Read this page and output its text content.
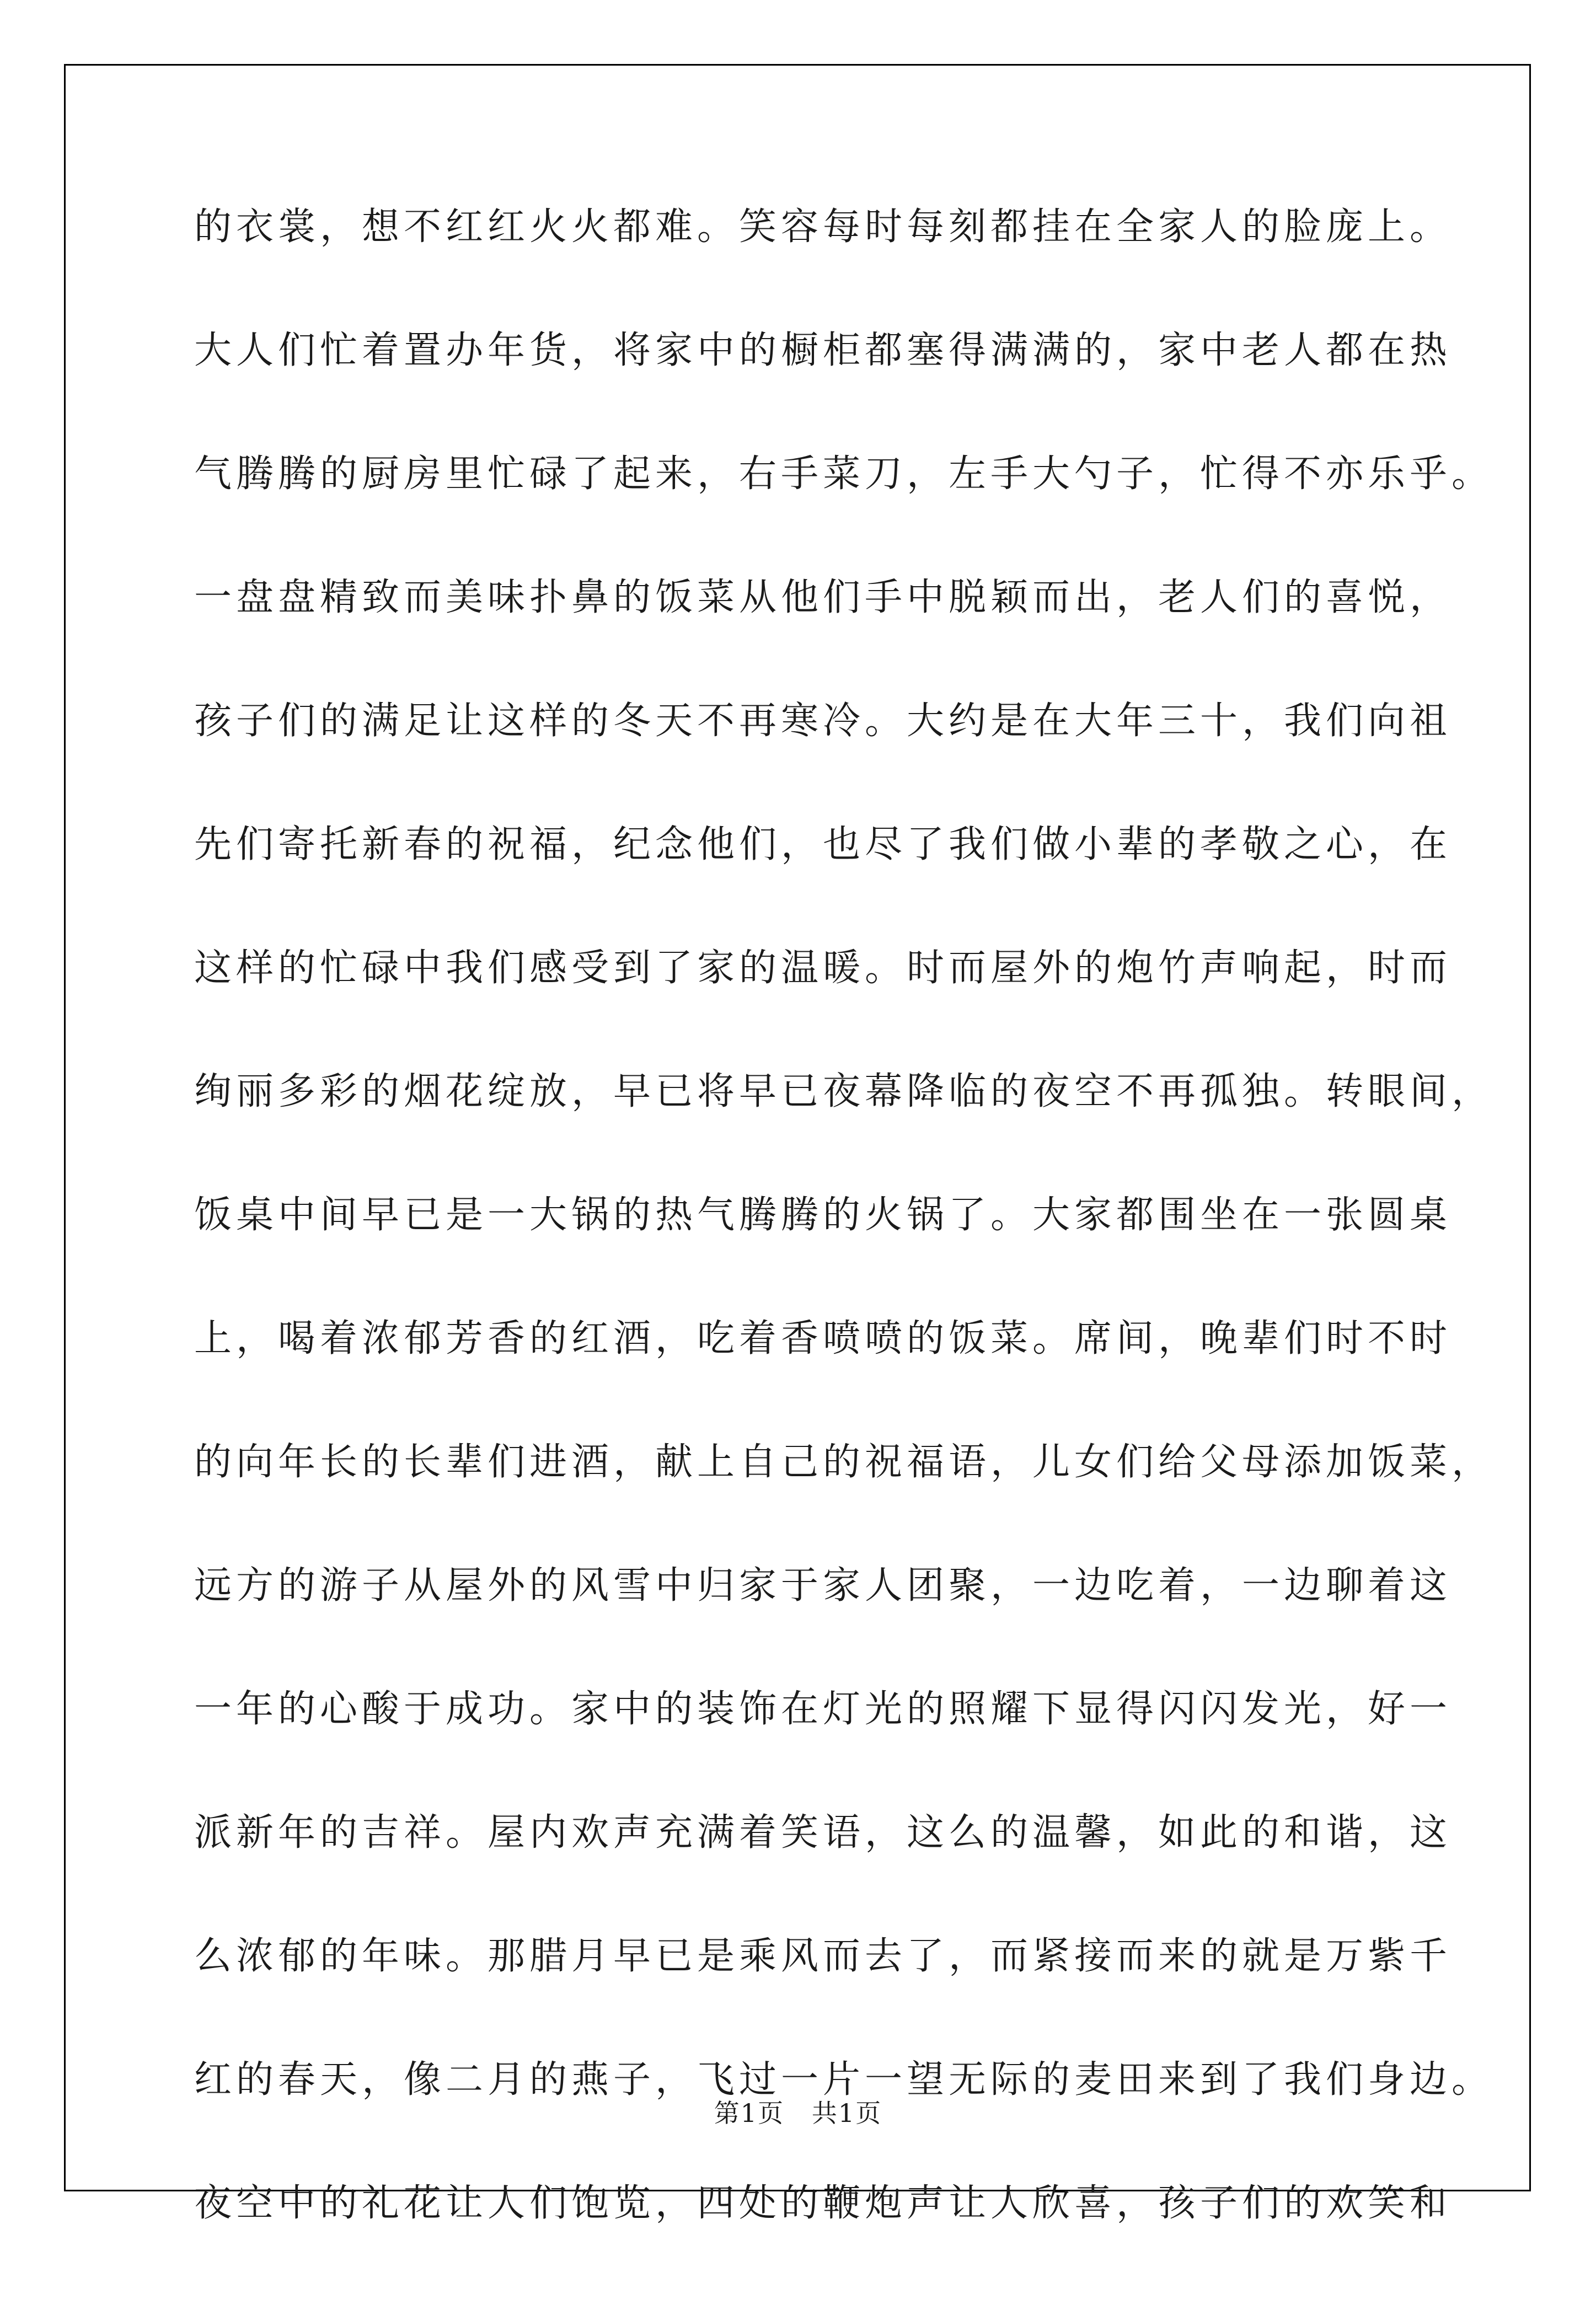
的衣裳，想不红红火火都难。笑容每时每刻都挂在全家人的脸庞上。
大人们忙着置办年货，将家中的橱柜都塞得满满的，家中老人都在热
气腾腾的厨房里忙碌了起来，右手菜刀，左手大勺子，忙得不亦乐乎。
一盘盘精致而美味扑鼻的饭菜从他们手中脱颖而出，老人们的喜悦，
孩子们的满足让这样的冬天不再寒冷。大约是在大年三十，我们向祖
先们寄托新春的祝福，纪念他们，也尽了我们做小辈的孝敬之心，在
这样的忙碌中我们感受到了家的温暖。时而屋外的炮竹声响起，时而
绚丽多彩的烟花绽放，早已将早已夜幕降临的夜空不再孤独。转眼间，
饭桌中间早已是一大锅的热气腾腾的火锅了。大家都围坐在一张圆桌
上，喝着浓郁芳香的红酒，吃着香喷喷的饭菜。席间，晚辈们时不时
的向年长的长辈们进酒，献上自己的祝福语，儿女们给父母添加饭菜，
远方的游子从屋外的风雪中归家于家人团聚，一边吃着，一边聊着这
一年的心酸于成功。家中的装饰在灯光的照耀下显得闪闪发光，好一
派新年的吉祥。屋内欢声充满着笑语，这么的温馨，如此的和谐，这
么浓郁的年味。那腊月早已是乘风而去了，而紧接而来的就是万紫千
红的春天，像二月的燕子，飞过一片一望无际的麦田来到了我们身边。
夜空中的礼花让人们饱览，四处的鞭炮声让人欣喜，孩子们的欢笑和
第1页   共1页
